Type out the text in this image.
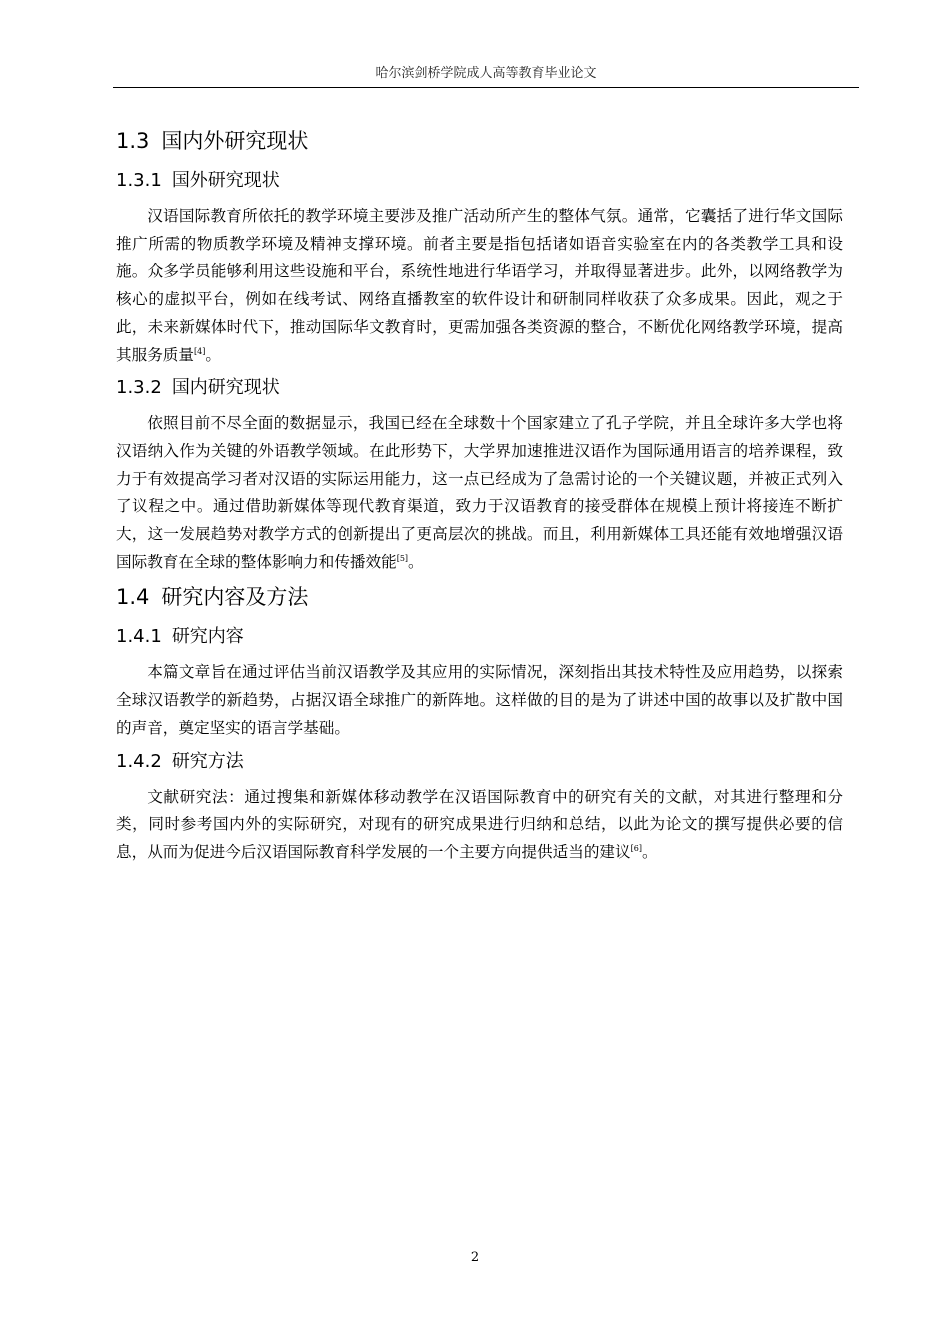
哈尔滨剑桥学院成人高等教育毕业论文
1.3 国内外研究现状
1.3.1 国外研究现状

汉语国际教育所依托的教学环境主要涉及推广活动所产生的整体气氛。通常，它囊括了进行华文国际推广所需的物质教学环境及精神支撑环境。前者主要是指包括诸如语音实验室在内的各类教学工具和设施。众多学员能够利用这些设施和平台，系统性地进行华语学习，并取得显著进步。此外，以网络教学为核心的虚拟平台，例如在线考试、网络直播教室的软件设计和研制同样收获了众多成果。因此，观之于此，未来新媒体时代下，推动国际华文教育时，更需加强各类资源的整合，不断优化网络教学环境，提高其服务质量[4]。

1.3.2 国内研究现状

依照目前不尽全面的数据显示，我国已经在全球数十个国家建立了孔子学院，并且全球许多大学也将汉语纳入作为关键的外语教学领域。在此形势下，大学界加速推进汉语作为国际通用语言的培养课程，致力于有效提高学习者对汉语的实际运用能力，这一点已经成为了急需讨论的一个关键议题，并被正式列入了议程之中。通过借助新媒体等现代教育渠道，致力于汉语教育的接受群体在规模上预计将接连不断扩大，这一发展趋势对教学方式的创新提出了更高层次的挑战。而且，利用新媒体工具还能有效地增强汉语国际教育在全球的整体影响力和传播效能[5]。

1.4 研究内容及方法
1.4.1 研究内容

本篇文章旨在通过评估当前汉语教学及其应用的实际情况，深刻指出其技术特性及应用趋势，以探索全球汉语教学的新趋势，占据汉语全球推广的新阵地。这样做的目的是为了讲述中国的故事以及扩散中国的声音，奠定坚实的语言学基础。

1.4.2 研究方法

文献研究法：通过搜集和新媒体移动教学在汉语国际教育中的研究有关的文献，对其进行整理和分类，同时参考国内外的实际研究，对现有的研究成果进行归纳和总结，以此为论文的撰写提供必要的信息，从而为促进今后汉语国际教育科学发展的一个主要方向提供适当的建议[6]。

2
